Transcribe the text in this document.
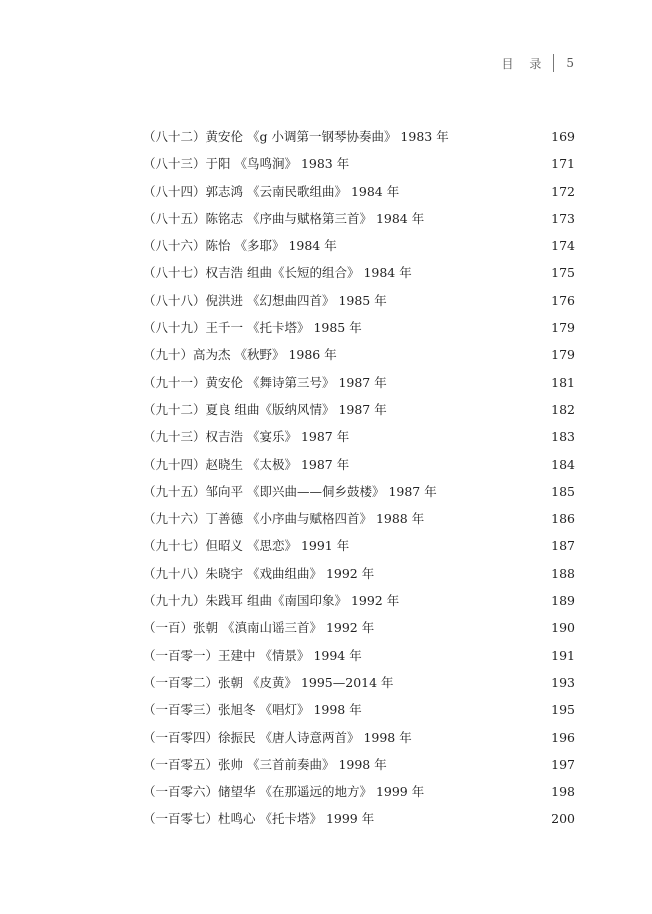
目 录 5
（八十二）黄安伦 《g 小调第一钢琴协奏曲》 1983 年	169
（八十三）于阳 《鸟鸣涧》 1983 年	171
（八十四）郭志鸿 《云南民歌组曲》 1984 年	172
（八十五）陈铭志 《序曲与赋格第三首》 1984 年	173
（八十六）陈怡 《多耶》 1984 年	174
（八十七）权吉浩 组曲《长短的组合》 1984 年	175
（八十八）倪洪进 《幻想曲四首》 1985 年	176
（八十九）王千一 《托卡塔》 1985 年	179
（九十）高为杰 《秋野》 1986 年	179
（九十一）黄安伦 《舞诗第三号》 1987 年	181
（九十二）夏良 组曲《版纳风情》 1987 年	182
（九十三）权吉浩 《宴乐》 1987 年	183
（九十四）赵晓生 《太极》 1987 年	184
（九十五）邹向平 《即兴曲——侗乡鼓楼》 1987 年	185
（九十六）丁善德 《小序曲与赋格四首》 1988 年	186
（九十七）但昭义 《思恋》 1991 年	187
（九十八）朱晓宇 《戏曲组曲》 1992 年	188
（九十九）朱践耳 组曲《南国印象》 1992 年	189
（一百）张朝 《滇南山谣三首》 1992 年	190
（一百零一）王建中 《情景》 1994 年	191
（一百零二）张朝 《皮黄》 1995—2014 年	193
（一百零三）张旭冬 《唱灯》 1998 年	195
（一百零四）徐振民 《唐人诗意两首》 1998 年	196
（一百零五）张帅 《三首前奏曲》 1998 年	197
（一百零六）储望华 《在那遥远的地方》 1999 年	198
（一百零七）杜鸣心 《托卡塔》 1999 年	200
